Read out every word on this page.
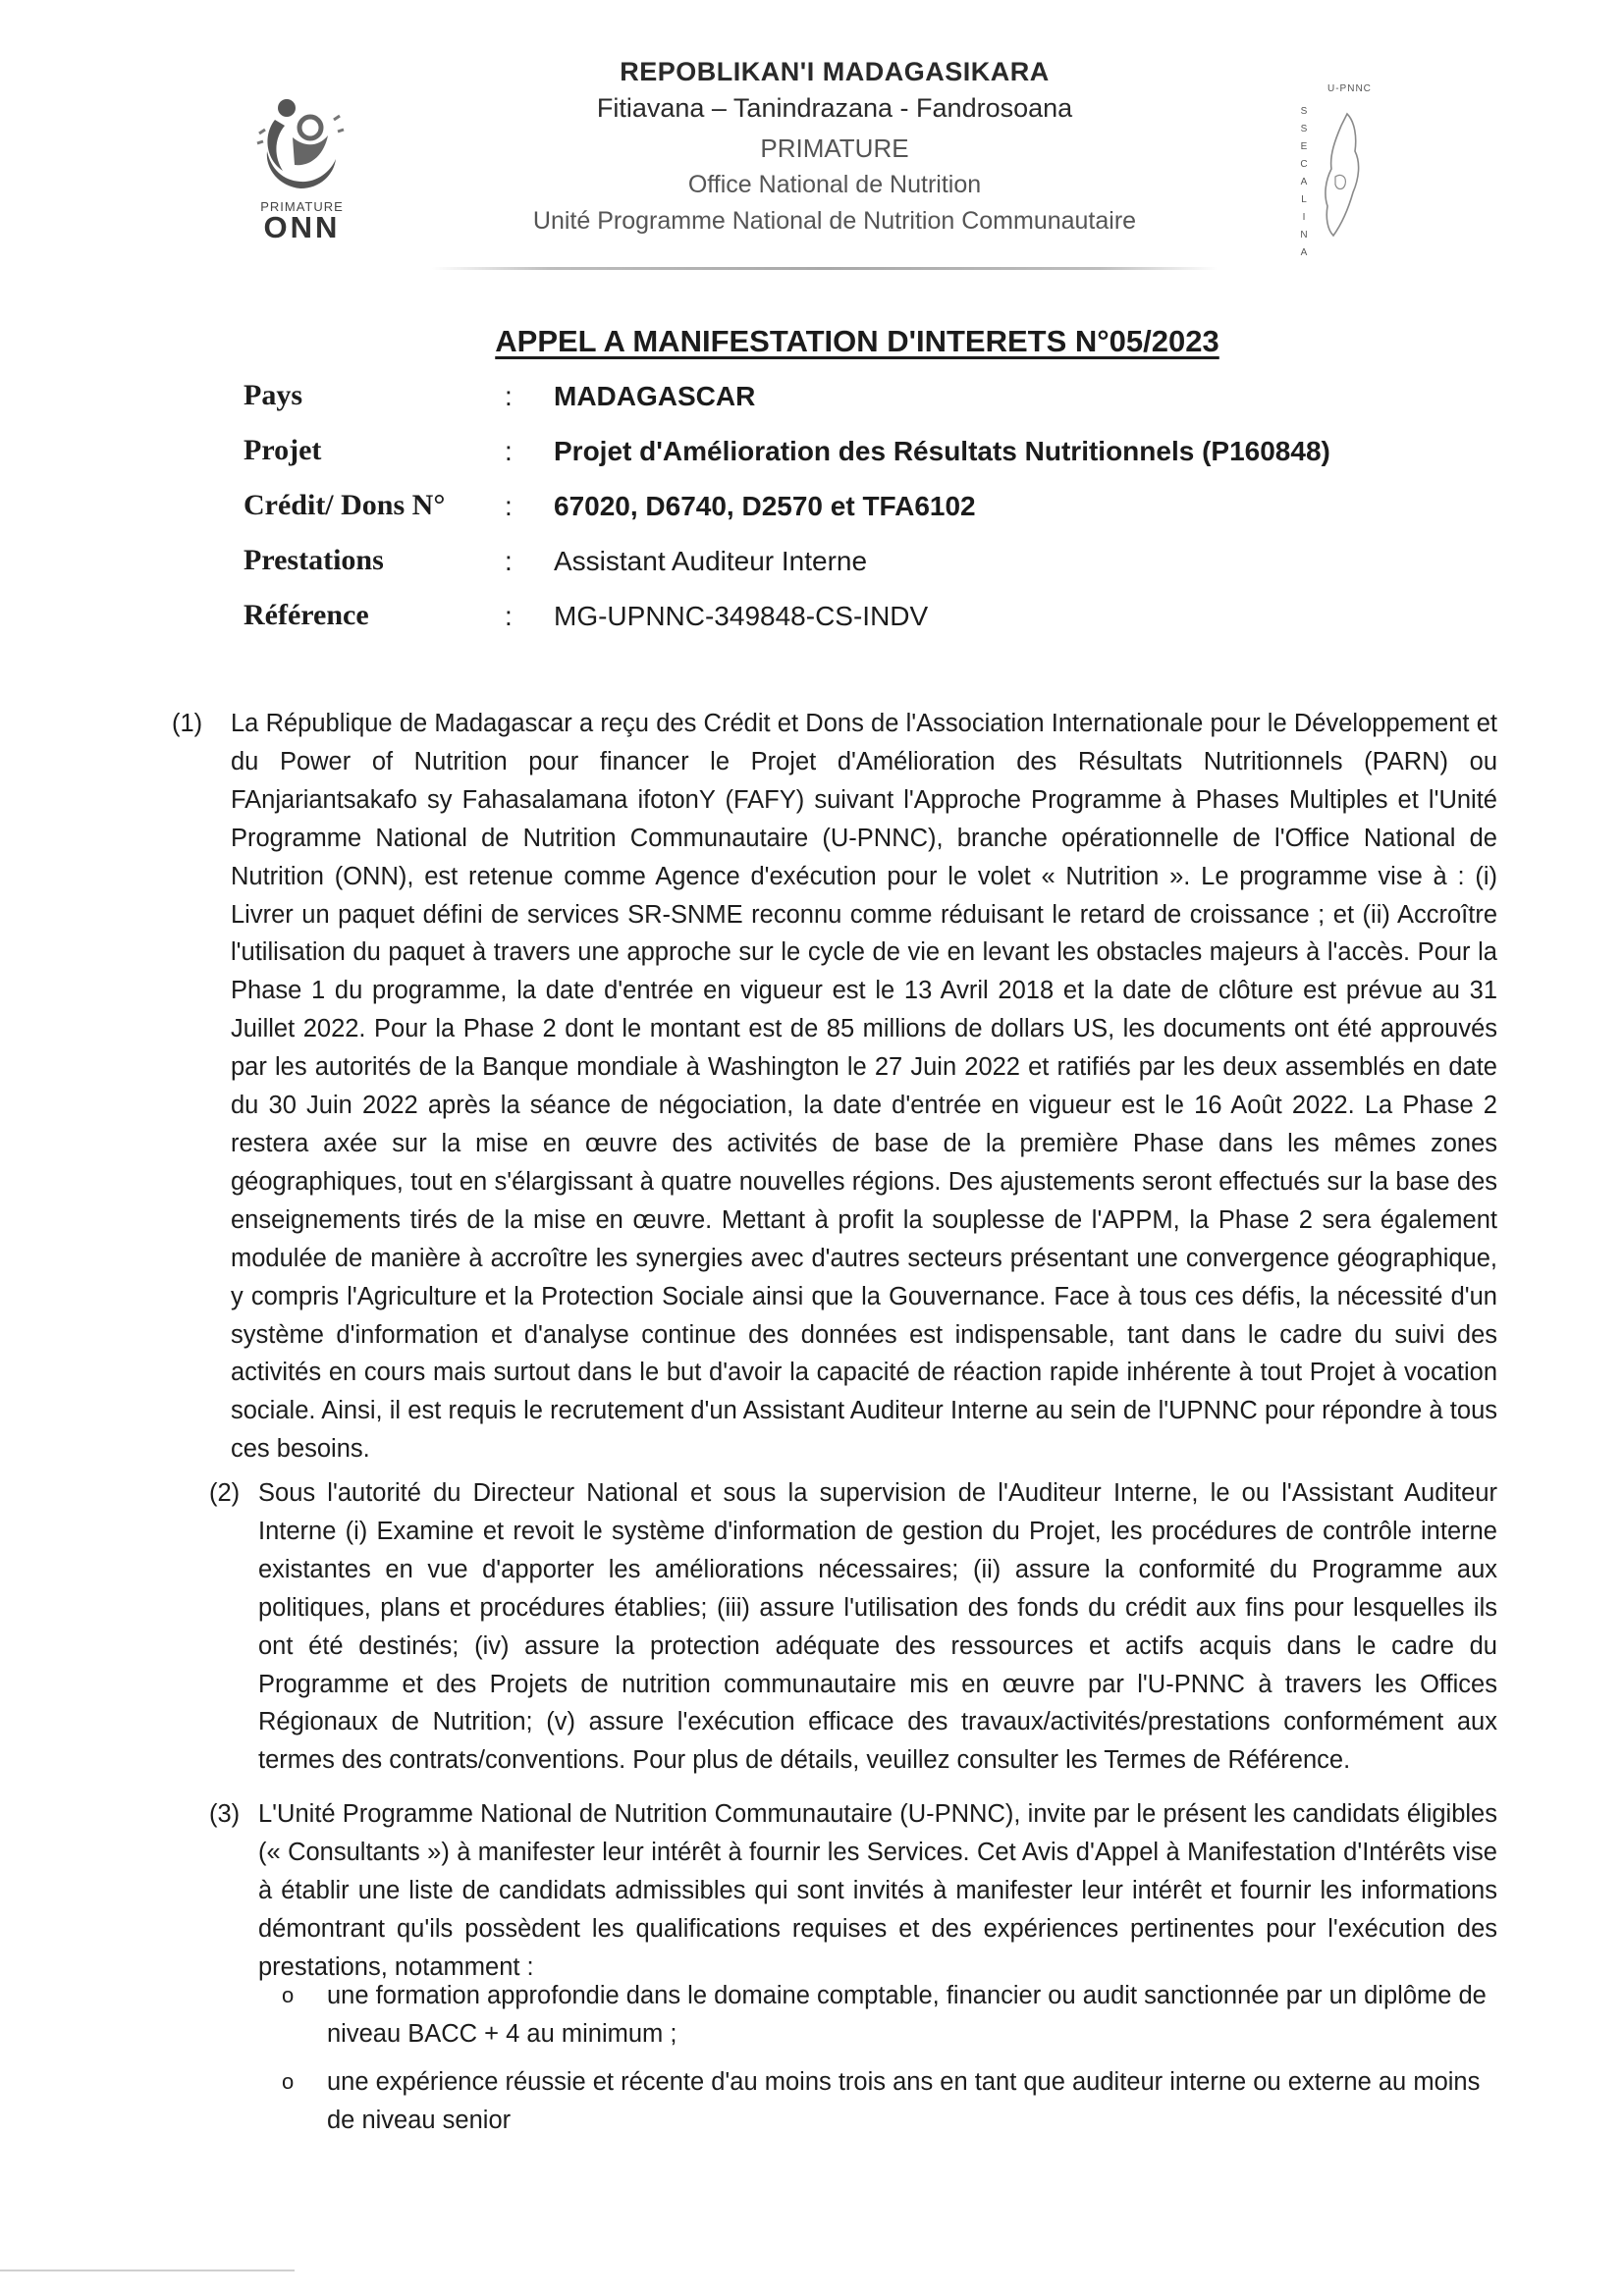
PRIMATURE
ONN
REPOBLIKAN'I MADAGASIKARA
Fitiavana – Tanindrazana - Fandrosoana
PRIMATURE
Office National de Nutrition
Unité Programme National de Nutrition Communautaire
U-PNNC
S
S
E
C
A
L
I
N
A
APPEL A MANIFESTATION D'INTERETS N°05/2023
Pays	: MADAGASCAR
Projet	: Projet d'Amélioration des Résultats Nutritionnels (P160848)
Crédit/ Dons N° : 67020, D6740, D2570 et TFA6102
Prestations	: Assistant Auditeur Interne
Référence	: MG-UPNNC-349848-CS-INDV
(1) La République de Madagascar a reçu des Crédit et Dons de l'Association Internationale pour le Développement et du Power of Nutrition pour financer le Projet d'Amélioration des Résultats Nutritionnels (PARN) ou FAnjariantsakafo sy Fahasalamana ifotonY (FAFY) suivant l'Approche Programme à Phases Multiples et l'Unité Programme National de Nutrition Communautaire (U-PNNC), branche opérationnelle de l'Office National de Nutrition (ONN), est retenue comme Agence d'exécution pour le volet « Nutrition ». Le programme vise à : (i) Livrer un paquet défini de services SR-SNME reconnu comme réduisant le retard de croissance ; et (ii) Accroître l'utilisation du paquet à travers une approche sur le cycle de vie en levant les obstacles majeurs à l'accès. Pour la Phase 1 du programme, la date d'entrée en vigueur est le 13 Avril 2018 et la date de clôture est prévue au 31 Juillet 2022. Pour la Phase 2 dont le montant est de 85 millions de dollars US, les documents ont été approuvés par les autorités de la Banque mondiale à Washington le 27 Juin 2022 et ratifiés par les deux assemblés en date du 30 Juin 2022 après la séance de négociation, la date d'entrée en vigueur est le 16 Août 2022. La Phase 2 restera axée sur la mise en œuvre des activités de base de la première Phase dans les mêmes zones géographiques, tout en s'élargissant à quatre nouvelles régions. Des ajustements seront effectués sur la base des enseignements tirés de la mise en œuvre. Mettant à profit la souplesse de l'APPM, la Phase 2 sera également modulée de manière à accroître les synergies avec d'autres secteurs présentant une convergence géographique, y compris l'Agriculture et la Protection Sociale ainsi que la Gouvernance. Face à tous ces défis, la nécessité d'un système d'information et d'analyse continue des données est indispensable, tant dans le cadre du suivi des activités en cours mais surtout dans le but d'avoir la capacité de réaction rapide inhérente à tout Projet à vocation sociale. Ainsi, il est requis le recrutement d'un Assistant Auditeur Interne au sein de l'UPNNC pour répondre à tous ces besoins.
(2) Sous l'autorité du Directeur National et sous la supervision de l'Auditeur Interne, le ou l'Assistant Auditeur Interne (i) Examine et revoit le système d'information de gestion du Projet, les procédures de contrôle interne existantes en vue d'apporter les améliorations nécessaires; (ii) assure la conformité du Programme aux politiques, plans et procédures établies; (iii) assure l'utilisation des fonds du crédit aux fins pour lesquelles ils ont été destinés; (iv) assure la protection adéquate des ressources et actifs acquis dans le cadre du Programme et des Projets de nutrition communautaire mis en œuvre par l'U-PNNC à travers les Offices Régionaux de Nutrition; (v) assure l'exécution efficace des travaux/activités/prestations conformément aux termes des contrats/conventions. Pour plus de détails, veuillez consulter les Termes de Référence.
(3) L'Unité Programme National de Nutrition Communautaire (U-PNNC), invite par le présent les candidats éligibles (« Consultants ») à manifester leur intérêt à fournir les Services. Cet Avis d'Appel à Manifestation d'Intérêts vise à établir une liste de candidats admissibles qui sont invités à manifester leur intérêt et fournir les informations démontrant qu'ils possèdent les qualifications requises et des expériences pertinentes pour l'exécution des prestations, notamment :
o une formation approfondie dans le domaine comptable, financier ou audit sanctionnée par un diplôme de niveau BACC + 4 au minimum ;
o une expérience réussie et récente d'au moins trois ans en tant que auditeur interne ou externe au moins de niveau senior
